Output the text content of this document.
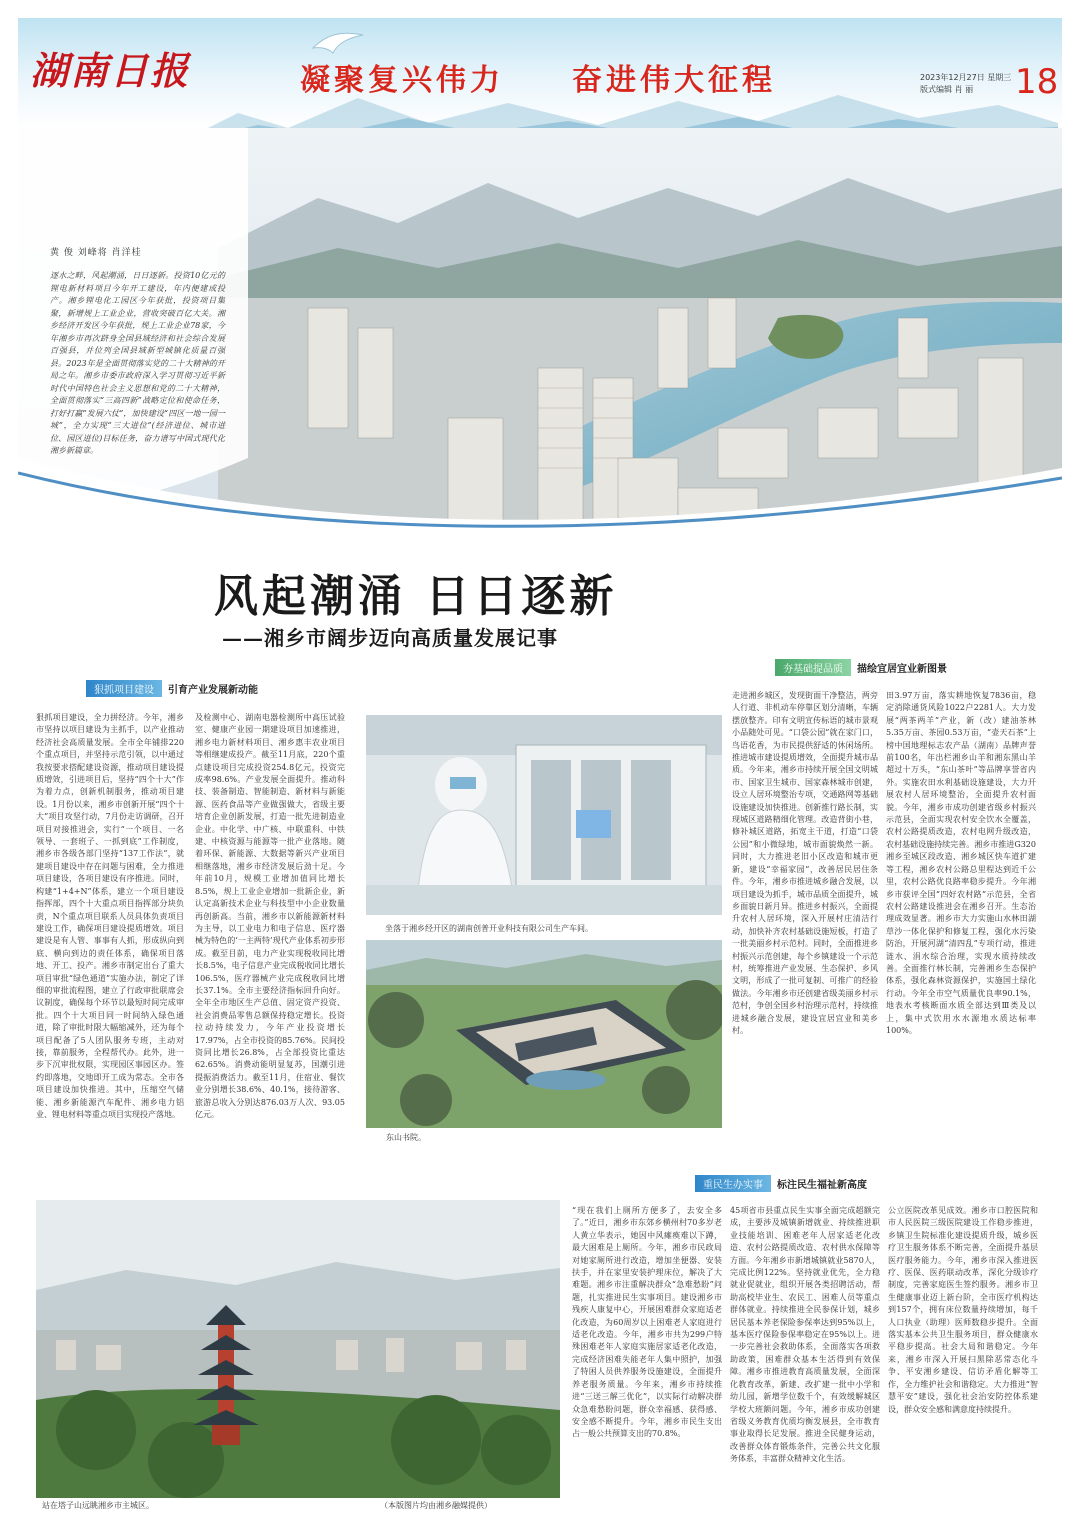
湖南日报	凝聚复兴伟力 奋进伟大征程	2023年12月27日 星期三
版式编辑 肖 丽	18
黄 俊 刘峰将 肖洋桂
逐水之畔，风起潮涌，日日逐新。投资10亿元的锂电新材料项目今年开工建设，年内便建成投产。湘乡锂电化工园区今年获批，投资项目集聚，新增规上工业企业，营收突破百亿大关。湘乡经济开发区今年获批，规上工业企业78家，今年湘乡市再次跻身全国县域经济和社会综合发展百强县，并位列全国县域新型城镇化质量百强县。2023年是全面贯彻落实党的二十大精神的开局之年。湘乡市委市政府深入学习贯彻习近平新时代中国特色社会主义思想和党的二十大精神，全面贯彻落实“三高四新”战略定位和使命任务，打好打赢“发展六仗”，加快建设“四区一地一园一城”，全力实现“三大进位”(经济进位、城市进位、园区进位)目标任务，奋力谱写中国式现代化湘乡新篇章。
风起潮涌 日日逐新
——湘乡市阔步迈向高质量发展记事
狠抓项目建设 引育产业发展新动能
夯基础提品质 描绘宜居宜业新图景
重民生办实事 标注民生福祉新高度
狠抓项目建设，全力拼经济。今年，湘乡市坚持以项目建设为主抓手，以产业推动经济社会高质量发展。全市全年铺排220个重点项目，并坚持示范引领，以中通过我按要求搭配建设资源，推动项目建设提质增效，引进项目后，坚持“四个十大”作为着力点，创新机制服务，推动项目建设。1月份以来，湘乡市创新开展“四个十大”项目攻坚行动，7月份走访调研，召开项目对接推进会，实行“一个项目、一名领导、一套班子、一抓到底”工作制度，湘乡市各级各部门坚持“137工作法”，就建项目建设中存在问题与困难，全力推进项目建设，各项目建设有序推进。同时，构建“1+4+N”体系，建立一个项目建设指挥部，四个十大重点项目指挥部分块负责，N个重点项目联系人员具体负责项目建设工作，确保项目建设提质增效。项目建设是有人管、事事有人抓，形成纵向到底、横向到边的责任体系，确保项目落地、开工、投产。湘乡市制定出台了重大项目审批“绿色通道”实施办法，制定了详细的审批流程图，建立了行政审批联席会议制度，确保每个环节以最短时间完成审批。四个十大项目同一时间纳入绿色通道，除了审批时限大幅缩减外，还为每个项目配备了5人团队服务专班，主动对接，靠前服务，全程帮代办。此外，进一步下沉审批权限，实现园区事园区办。签约即落地，交地即开工成为常态。全市各项目建设加快推进。其中，压缩空气储能、湘乡新能源汽车配件、湘乡电力铝业、锂电材料等重点项目实现投产落地。
及检测中心、湖南电器检测所中高压试验室、健康产业园一期建设项目加速推进，湘乡电力新材料项目、湘乡惠丰农业项目等相继建成投产。截至11月底，220个重点建设项目完成投资254.8亿元，投资完成率98.6%。产业发展全面提升。推动科技、装备制造、智能制造、新材料与新能源、医药食品等产业做强做大，省级主要培育企业创新发展，打造一批先进制造业企业。中化学、中广核、中联重科、中铁建、中核资源与能源等一批产业落地。随着环保、新能源、大数据等新兴产业项目相继落地，湘乡市经济发展后劲十足。今年前10月，规模工业增加值同比增长8.5%，规上工业企业增加一批新企业，新认定高新技术企业与科技型中小企业数量再创新高。当前，湘乡市以新能源新材料为主导，以工业电力和电子信息、医疗器械为特色的‘一主两特’现代产业体系初步形成。截至目前，电力产业实现税收同比增长8.5%，电子信息产业完成税收同比增长106.5%，医疗器械产业完成税收同比增长37.1%。全市主要经济指标回升向好。全年全市地区生产总值、固定资产投资、社会消费品零售总额保持稳定增长。投资拉动持续发力，今年产业投资增长17.97%，占全市投资的85.76%。民间投资同比增长26.8%，占全部投资比重达62.65%。消费动能明显复苏，国潮引进提振消费活力。截至11月，住宿业、餐饮业分别增长38.6%、40.1%，接待游客、旅游总收入分别达876.03万人次、93.05亿元。
走进湘乡城区，发现街面干净整洁，两旁人行道、非机动车停靠区划分清晰，车辆摆放整齐。印有文明宣传标语的城市景观小品随处可见。“口袋公园”就在家门口，鸟语花香，为市民提供舒适的休闲场所。推进城市建设提质增效，全面提升城市品质。今年来，湘乡市持续开展全国文明城市、国家卫生城市、国家森林城市创建，设立人居环境整治专项，交通路网等基础设施建设加快推进。创新推行路长制，实现城区道路精细化管理。改造背街小巷，修补城区道路，拓宽主干道，打造“口袋公园”和小微绿地，城市面貌焕然一新。同时，大力推进老旧小区改造和城市更新，建设“幸福家园”，改善居民居住条件。今年，湘乡市推进城乡融合发展，以项目建设为抓手，城市品质全面提升，城乡面貌日新月异。推进乡村振兴，全面提升农村人居环境，深入开展村庄清洁行动，加快补齐农村基础设施短板，打造了一批美丽乡村示范村。同时，全面推进乡村振兴示范创建，每个乡镇建设一个示范村，统筹推进产业发展、生态保护、乡风文明，形成了一批可复制、可推广的经验做法。今年湘乡市还创建省级美丽乡村示范村，争创全国乡村治理示范村，持续推进城乡融合发展，建设宜居宜业和美乡村。
田3.97万亩，落实耕地恢复7836亩，稳定消除通货风险1022户2281人。大力发展“两茶两羊”产业，新（改）建油茶林5.35万亩、茶园0.53万亩，“壶天石茶”上榜中国地理标志农产品（湖南）品牌声誉前100名，年出栏湘乡山羊和湘东黑山羊超过十万头，“东山茶叶”等品牌享誉省内外。实施农田水利基础设施建设，大力开展农村人居环境整治，全面提升农村面貌。今年，湘乡市成功创建省级乡村振兴示范县，全面实现农村安全饮水全覆盖，农村公路提质改造，农村电网升级改造，农村基础设施持续完善。湘乡市推进G320湘乡至城区段改造、湘乡城区快车道扩建等工程，湘乡农村公路总里程达到近千公里，农村公路优良路率稳步提升。今年湘乡市获评全国“四好农村路”示范县，全省农村公路建设推进会在湘乡召开。生态治理成效显著。湘乡市大力实施山水林田湖草沙一体化保护和修复工程，强化水污染防治，开展河湖“清四乱”专项行动，推进涟水、涓水综合治理，实现水质持续改善。全面推行林长制，完善湘乡生态保护体系，强化森林资源保护，实施国土绿化行动。今年全市空气质量优良率90.1%，地表水考核断面水质全部达到Ⅲ类及以上，集中式饮用水水源地水质达标率100%。
坐落于湘乡经开区的湖南创普开业科技有限公司生产车间。
东山书院。
站在塔子山远眺湘乡市主城区。	（本版图片均由湘乡融媒提供）
“现在我们上厕所方便多了，去安全多了。”近日，湘乡市东郊乡横州村70多岁老人黄立华表示，她因中风瘫痪难以下蹲，最大困难是上厕所。今年，湘乡市民政局对她家厕所进行改造，增加坐便器、安装扶手，并在家里安装护理床位，解决了大难题。湘乡市注重解决群众“急难愁盼”问题，扎实推进民生实事项目。建设湘乡市残疾人康复中心，开展困难群众家庭适老化改造，为60周岁以上困难老人家庭进行适老化改造。今年，湘乡市共为299户特殊困难老年人家庭实施居家适老化改造，完成经济困难失能老年人集中照护，加强了特困人员供养服务设施建设，全面提升养老服务质量。今年来，湘乡市持续推进“三送三解三优化”，以实际行动解决群众急难愁盼问题，群众幸福感、获得感、安全感不断提升。今年，湘乡市民生支出占一般公共预算支出的70.8%。
45项省市县重点民生实事全面完成超额完成，主要涉及城镇新增就业、持续推进职业技能培训、困难老年人居家适老化改造、农村公路提质改造、农村供水保障等方面。今年湘乡市新增城镇就业5870人，完成比例122%。坚持就业优先，全力稳就业促就业，组织开展各类招聘活动，帮助高校毕业生、农民工、困难人员等重点群体就业。持续推进全民参保计划，城乡居民基本养老保险参保率达到95%以上，基本医疗保险参保率稳定在95%以上。进一步完善社会救助体系，全面落实各项救助政策，困难群众基本生活得到有效保障。湘乡市推进教育高质量发展，全面深化教育改革，新建、改扩建一批中小学和幼儿园，新增学位数千个，有效缓解城区学校大班额问题。今年，湘乡市成功创建省级义务教育优质均衡发展县，全市教育事业取得长足发展。推进全民健身运动，改善群众体育锻炼条件，完善公共文化服务体系，丰富群众精神文化生活。
公立医院改革见成效。湘乡市口腔医院和市人民医院三级医院建设工作稳步推进，乡镇卫生院标准化建设提质升级，城乡医疗卫生服务体系不断完善，全面提升基层医疗服务能力。今年，湘乡市深入推进医疗、医保、医药联动改革，深化分级诊疗制度，完善家庭医生签约服务。湘乡市卫生健康事业迈上新台阶，全市医疗机构达到157个，拥有床位数量持续增加，每千人口执业（助理）医师数稳步提升。全面落实基本公共卫生服务项目，群众健康水平稳步提高。社会大局和谐稳定。今年来，湘乡市深入开展扫黑除恶常态化斗争、平安湘乡建设、信访矛盾化解等工作，全力维护社会和谐稳定。大力推进“智慧平安”建设，强化社会治安防控体系建设，群众安全感和满意度持续提升。
